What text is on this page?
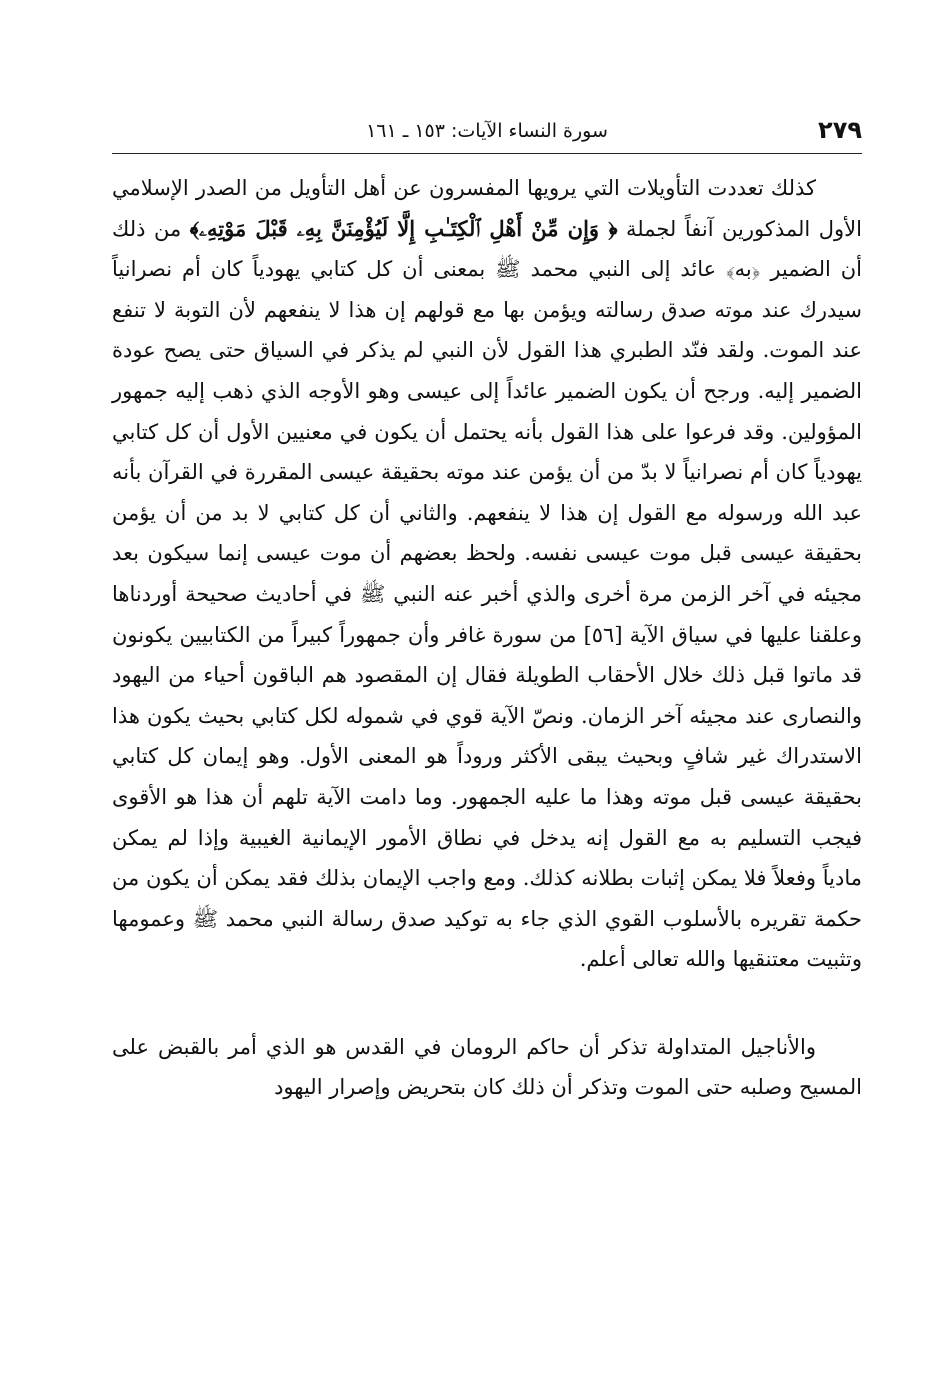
٢٧٩
سورة النساء الآيات: ١٥٣ ـ ١٦١

كذلك تعددت التأويلات التي يرويها المفسرون عن أهل التأويل من الصدر الإسلامي الأول المذكورين آنفاً لجملة ﴿ وَإِن مِّنْ أَهْلِ ٱلْكِتَـٰبِ إِلَّا لَيُؤْمِنَنَّ بِهِۦ قَبْلَ مَوْتِهِۦ﴾ من ذلك أن الضمير ﴿به﴾ عائد إلى النبي محمد ﷺ بمعنى أن كل كتابي يهودياً كان أم نصرانياً سيدرك عند موته صدق رسالته ويؤمن بها مع قولهم إن هذا لا ينفعهم لأن التوبة لا تنفع عند الموت. ولقد فنّد الطبري هذا القول لأن النبي لم يذكر في السياق حتى يصح عودة الضمير إليه. ورجح أن يكون الضمير عائداً إلى عيسى وهو الأوجه الذي ذهب إليه جمهور المؤولين. وقد فرعوا على هذا القول بأنه يحتمل أن يكون في معنيين الأول أن كل كتابي يهودياً كان أم نصرانياً لا بدّ من أن يؤمن عند موته بحقيقة عيسى المقررة في القرآن بأنه عبد الله ورسوله مع القول إن هذا لا ينفعهم. والثاني أن كل كتابي لا بد من أن يؤمن بحقيقة عيسى قبل موت عيسى نفسه. ولحظ بعضهم أن موت عيسى إنما سيكون بعد مجيئه في آخر الزمن مرة أخرى والذي أخبر عنه النبي ﷺ في أحاديث صحيحة أوردناها وعلقنا عليها في سياق الآية [٥٦] من سورة غافر وأن جمهوراً كبيراً من الكتابيين يكونون قد ماتوا قبل ذلك خلال الأحقاب الطويلة فقال إن المقصود هم الباقون أحياء من اليهود والنصارى عند مجيئه آخر الزمان. ونصّ الآية قوي في شموله لكل كتابي بحيث يكون هذا الاستدراك غير شافٍ وبحيث يبقى الأكثر وروداً هو المعنى الأول. وهو إيمان كل كتابي بحقيقة عيسى قبل موته وهذا ما عليه الجمهور. وما دامت الآية تلهم أن هذا هو الأقوى فيجب التسليم به مع القول إنه يدخل في نطاق الأمور الإيمانية الغيبية وإذا لم يمكن مادياً وفعلاً فلا يمكن إثبات بطلانه كذلك. ومع واجب الإيمان بذلك فقد يمكن أن يكون من حكمة تقريره بالأسلوب القوي الذي جاء به توكيد صدق رسالة النبي محمد ﷺ وعمومها وتثبيت معتنقيها والله تعالى أعلم.

والأناجيل المتداولة تذكر أن حاكم الرومان في القدس هو الذي أمر بالقبض على المسيح وصلبه حتى الموت وتذكر أن ذلك كان بتحريض وإصرار اليهود
